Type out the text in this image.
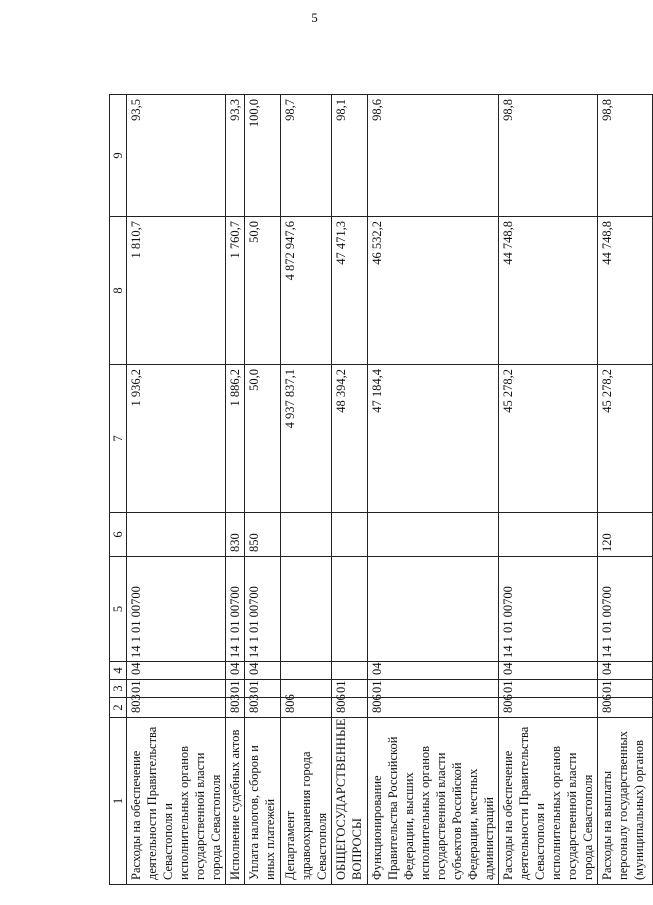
5
1	2	3	4	5	6	7	8	9
Расходы на обеспечение деятельности Правительства Севастополя и исполнительных органов государственной власти города Севастополя	803	01	04	14 1 01 00700		1 936,2	1 810,7	93,5
Исполнение судебных актов	803	01	04	14 1 01 00700	830	1 886,2	1 760,7	93,3
Уплата налогов, сборов и иных платежей	803	01	04	14 1 01 00700	850	50,0	50,0	100,0
Департамент здравоохранения города Севастополя	806					4 937 837,1	4 872 947,6	98,7
ОБЩЕГОСУДАРСТВЕННЫЕ ВОПРОСЫ	806	01				48 394,2	47 471,3	98,1
Функционирование Правительства Российской Федерации, высших исполнительных органов государственной власти субъектов Российской Федерации, местных администраций	806	01	04			47 184,4	46 532,2	98,6
Расходы на обеспечение деятельности Правительства Севастополя и исполнительных органов государственной власти города Севастополя	806	01	04	14 1 01 00700		45 278,2	44 748,8	98,8
Расходы на выплаты персоналу государственных (муниципальных) органов	806	01	04	14 1 01 00700	120	45 278,2	44 748,8	98,8
